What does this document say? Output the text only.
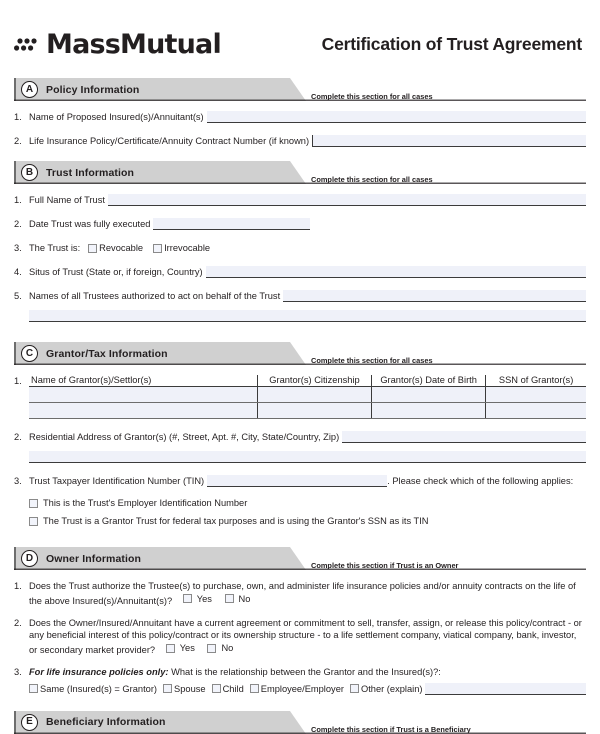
MassMutual	Certification of Trust Agreement
A	Policy Information
Complete this section for all cases
1. Name of Proposed Insured(s)/Annuitant(s)
2. Life Insurance Policy/Certificate/Annuity Contract Number (if known)
B	Trust Information
Complete this section for all cases
1. Full Name of Trust
2. Date Trust was fully executed
3. The Trust is: Revocable Irrevocable
4. Situs of Trust (State or, if foreign, Country)
5. Names of all Trustees authorized to act on behalf of the Trust
C	Grantor/Tax Information
Complete this section for all cases
1. Name of Grantor(s)/Settlor(s)	Grantor(s) Citizenship	Grantor(s) Date of Birth	SSN of Grantor(s)

2. Residential Address of Grantor(s) (#, Street, Apt. #, City, State/Country, Zip)
3. Trust Taxpayer Identification Number (TIN)	. Please check which of the following applies:
This is the Trust's Employer Identification Number
The Trust is a Grantor Trust for federal tax purposes and is using the Grantor's SSN as its TIN
D	Owner Information
Complete this section if Trust is an Owner
1. Does the Trust authorize the Trustee(s) to purchase, own, and administer life insurance policies and/or annuity contracts on the life of the above Insured(s)/Annuitant(s)?	Yes
	No
2. Does the Owner/Insured/Annuitant have a current agreement or commitment to sell, transfer, assign, or release this policy/contract - or any beneficial interest of this policy/contract or its ownership structure - to a life settlement company, viatical company, bank, investor, or secondary market provider?	Yes
	No
3. For life insurance policies only: What is the relationship between the Grantor and the Insured(s)?:
Same (Insured(s) = Grantor) Spouse Child Employee/Employer Other (explain)
E	Beneficiary Information
Complete this section if Trust is a Beneficiary
